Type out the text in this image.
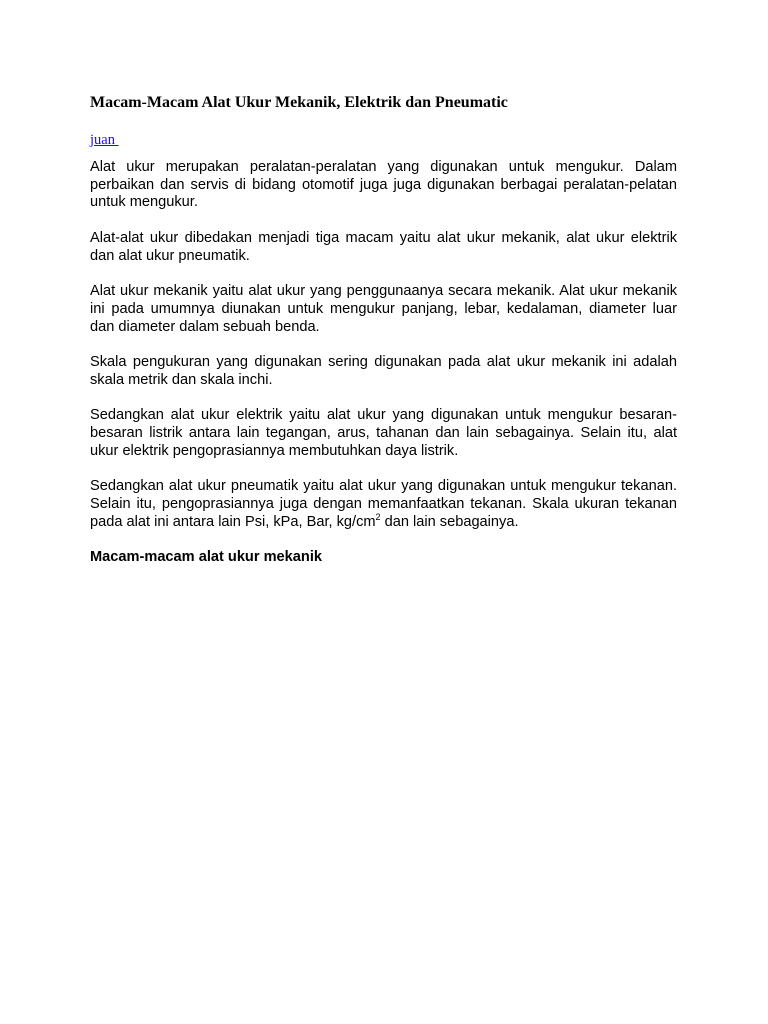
Macam-Macam Alat Ukur Mekanik, Elektrik dan Pneumatic
juan

Alat ukur merupakan peralatan-peralatan yang digunakan untuk mengukur. Dalam perbaikan dan servis di bidang otomotif juga juga digunakan berbagai peralatan-pelatan untuk mengukur.

Alat-alat ukur dibedakan menjadi tiga macam yaitu alat ukur mekanik, alat ukur elektrik dan alat ukur pneumatik.

Alat ukur mekanik yaitu alat ukur yang penggunaanya secara mekanik. Alat ukur mekanik ini pada umumnya diunakan untuk mengukur panjang, lebar, kedalaman, diameter luar dan diameter dalam sebuah benda.

Skala pengukuran yang digunakan sering digunakan pada alat ukur mekanik ini adalah skala metrik dan skala inchi.

Sedangkan alat ukur elektrik yaitu alat ukur yang digunakan untuk mengukur besaran-besaran listrik antara lain tegangan, arus, tahanan dan lain sebagainya. Selain itu, alat ukur elektrik pengoprasiannya membutuhkan daya listrik.

Sedangkan alat ukur pneumatik yaitu alat ukur yang digunakan untuk mengukur tekanan. Selain itu, pengoprasiannya juga dengan memanfaatkan tekanan. Skala ukuran tekanan pada alat ini antara lain Psi, kPa, Bar, $kg/cm^2$ dan lain sebagainya.

Macam-macam alat ukur mekanik
